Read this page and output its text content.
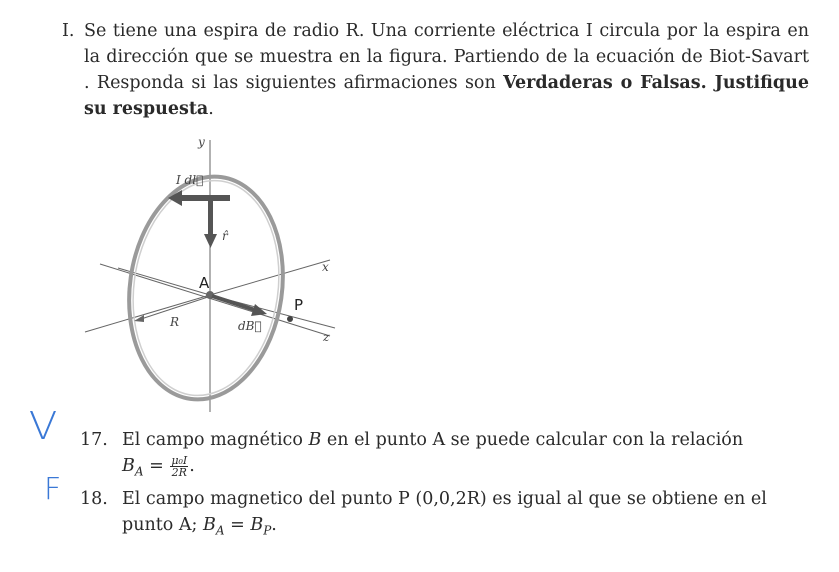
I. Se tiene una espira de radio R. Una corriente eléctrica I circula por la espira en la dirección que se muestra en la figura. Partiendo de la ecuación de Biot-Savart . Responda si las siguientes afirmaciones son Verdaderas o Falsas. Justifique su respuesta.
y
I dl⃗
r̂
A
x
P
R	dB⃗
z
V
F
17. El campo magnético B en el punto A se puede calcular con la relación
$B_A = \frac{\text{μ₀I}}{2R}$ .
18. El campo magnetico del punto P (0,0,2R) es igual al que se obtiene en el punto A; $B_A = B_P$.
